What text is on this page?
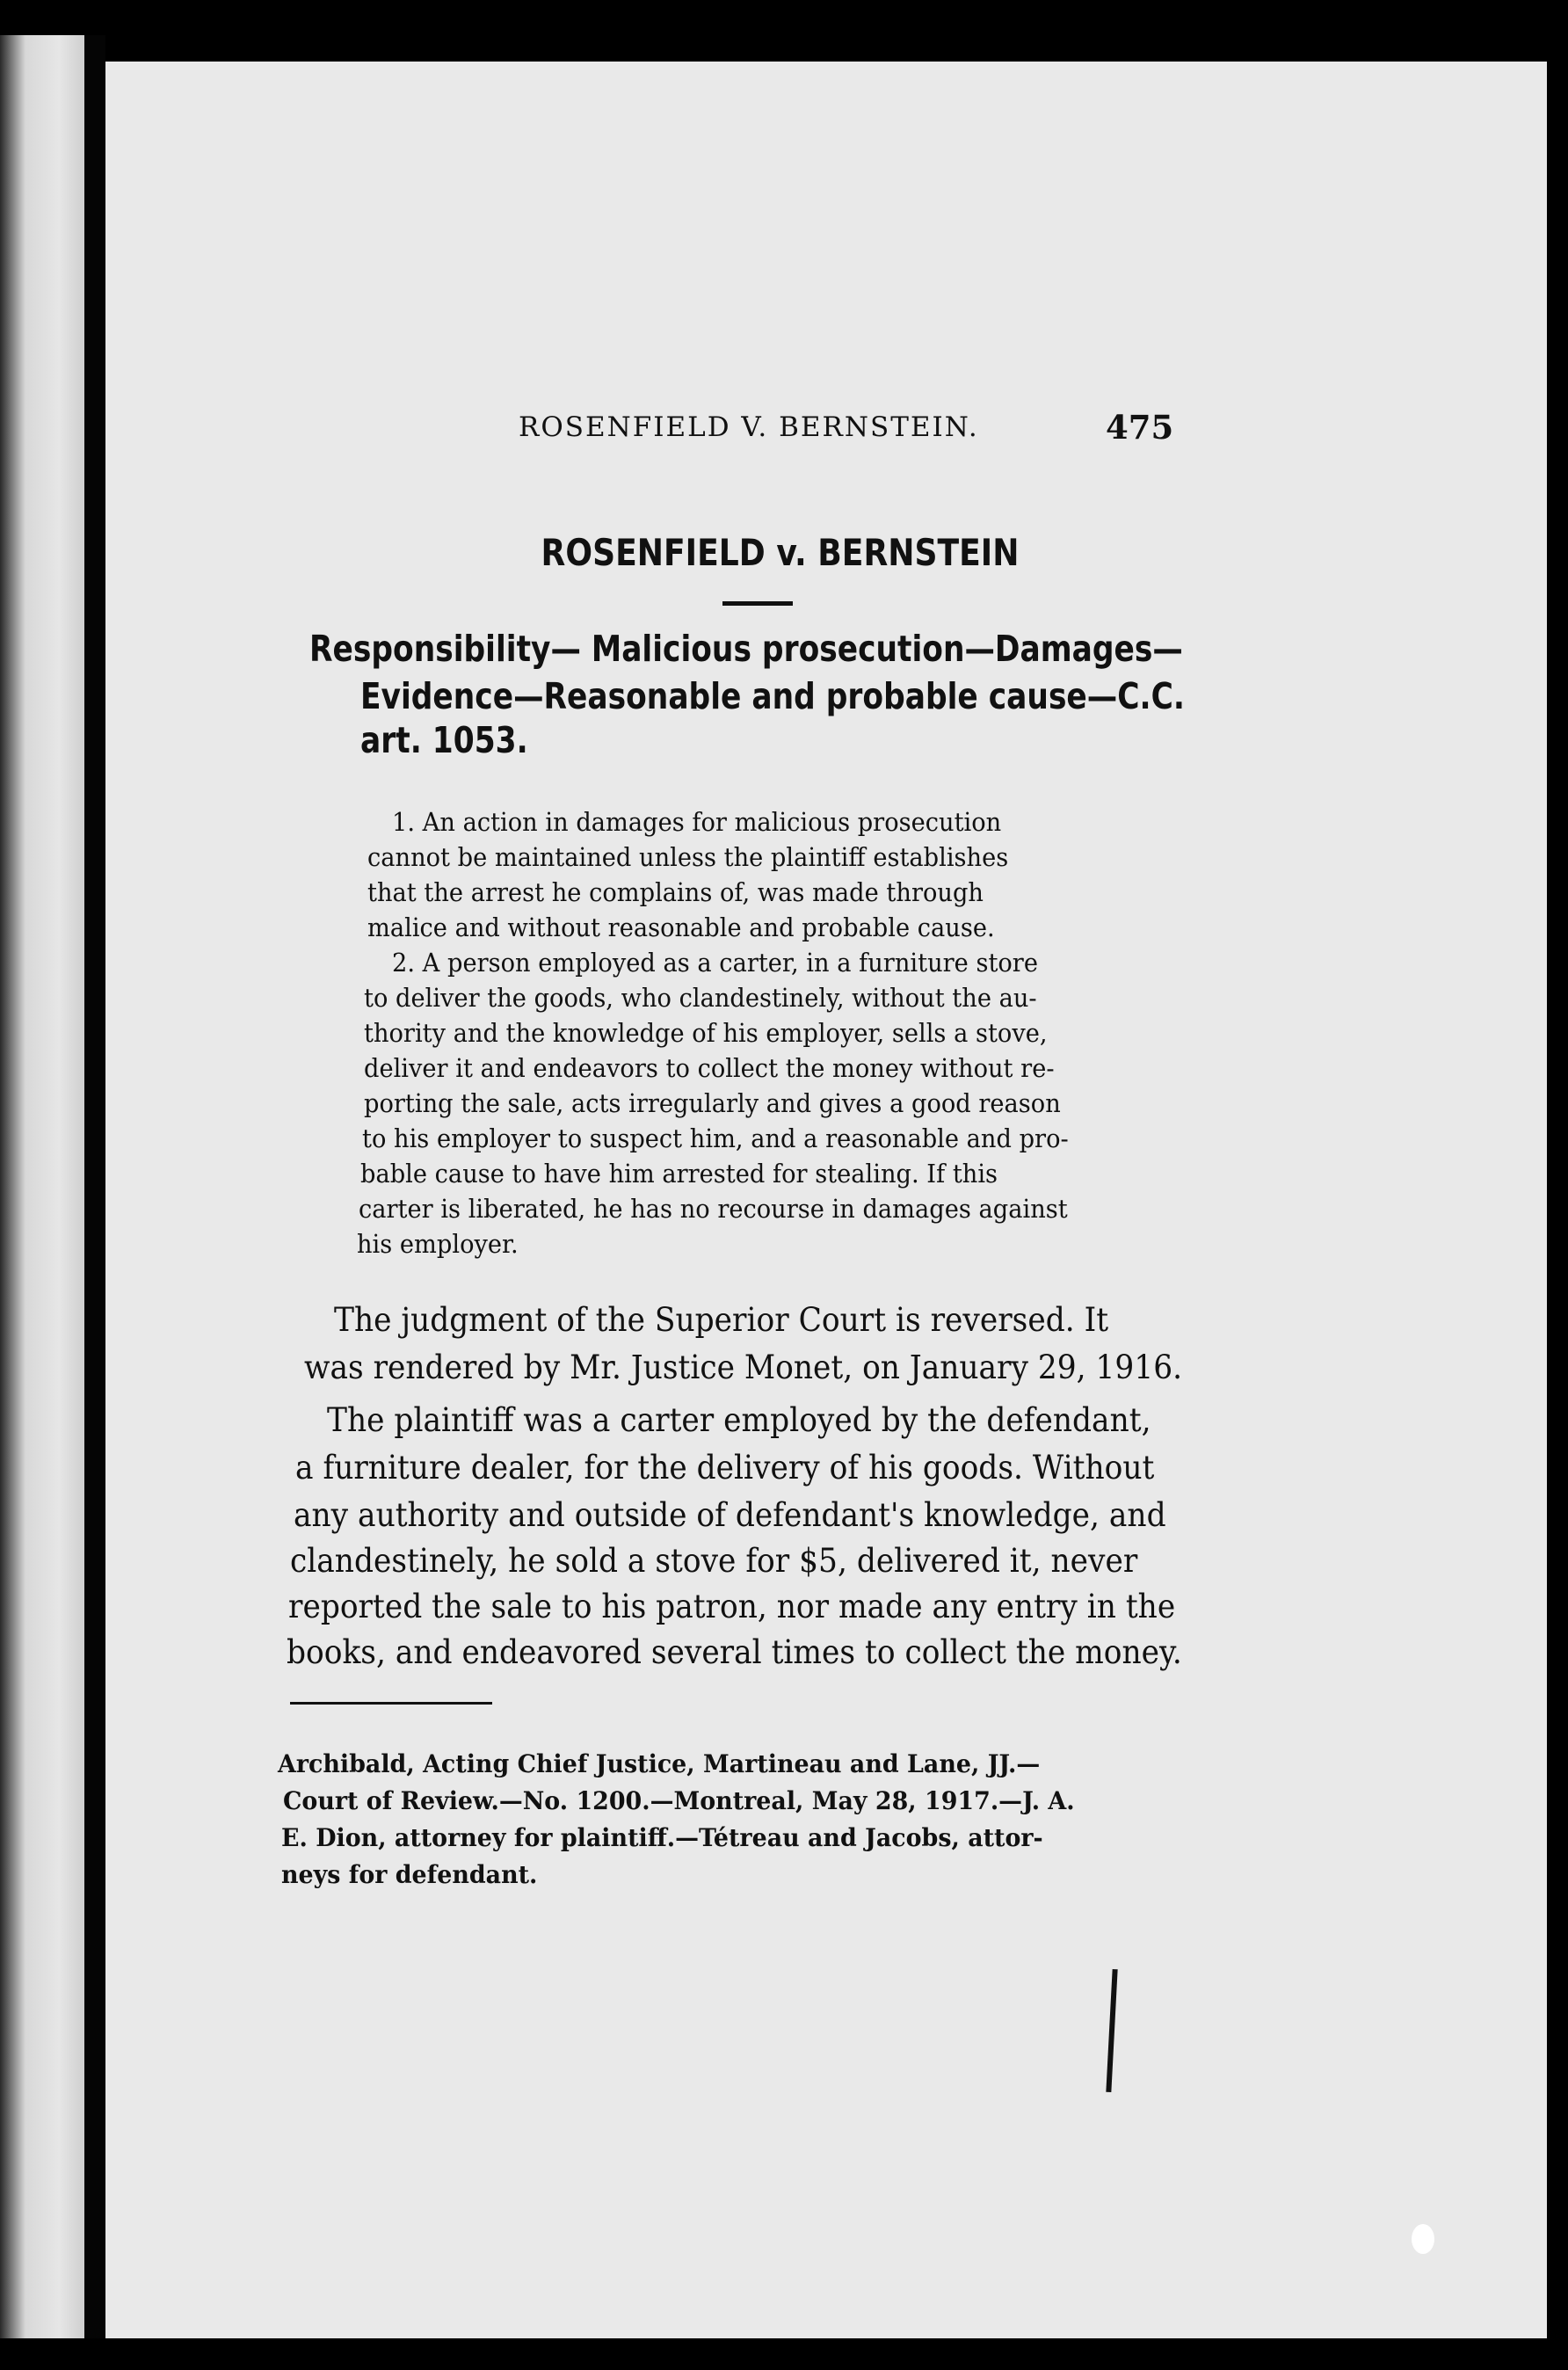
ROSENFIELD V. BERNSTEIN.	475
ROSENFIELD v. BERNSTEIN
Responsibility— Malicious prosecution—Damages—
Evidence—Reasonable and probable cause—C.C.
art. 1053.
1. An action in damages for malicious prosecution
cannot be maintained unless the plaintiff establishes
that the arrest he complains of, was made through
malice and without reasonable and probable cause.
2. A person employed as a carter, in a furniture store
to deliver the goods, who clandestinely, without the au-
thority and the knowledge of his employer, sells a stove,
deliver it and endeavors to collect the money without re-
porting the sale, acts irregularly and gives a good reason
to his employer to suspect him, and a reasonable and pro-
bable cause to have him arrested for stealing. If this
carter is liberated, he has no recourse in damages against
his employer.
The judgment of the Superior Court is reversed. It
was rendered by Mr. Justice Monet, on January 29, 1916.
The plaintiff was a carter employed by the defendant,
a furniture dealer, for the delivery of his goods. Without
any authority and outside of defendant's knowledge, and
clandestinely, he sold a stove for $5, delivered it, never
reported the sale to his patron, nor made any entry in the
books, and endeavored several times to collect the money.
Archibald, Acting Chief Justice, Martineau and Lane, JJ.—
Court of Review.—No. 1200.—Montreal, May 28, 1917.—J. A.
E. Dion, attorney for plaintiff.—Tétreau and Jacobs, attor-
neys for defendant.
